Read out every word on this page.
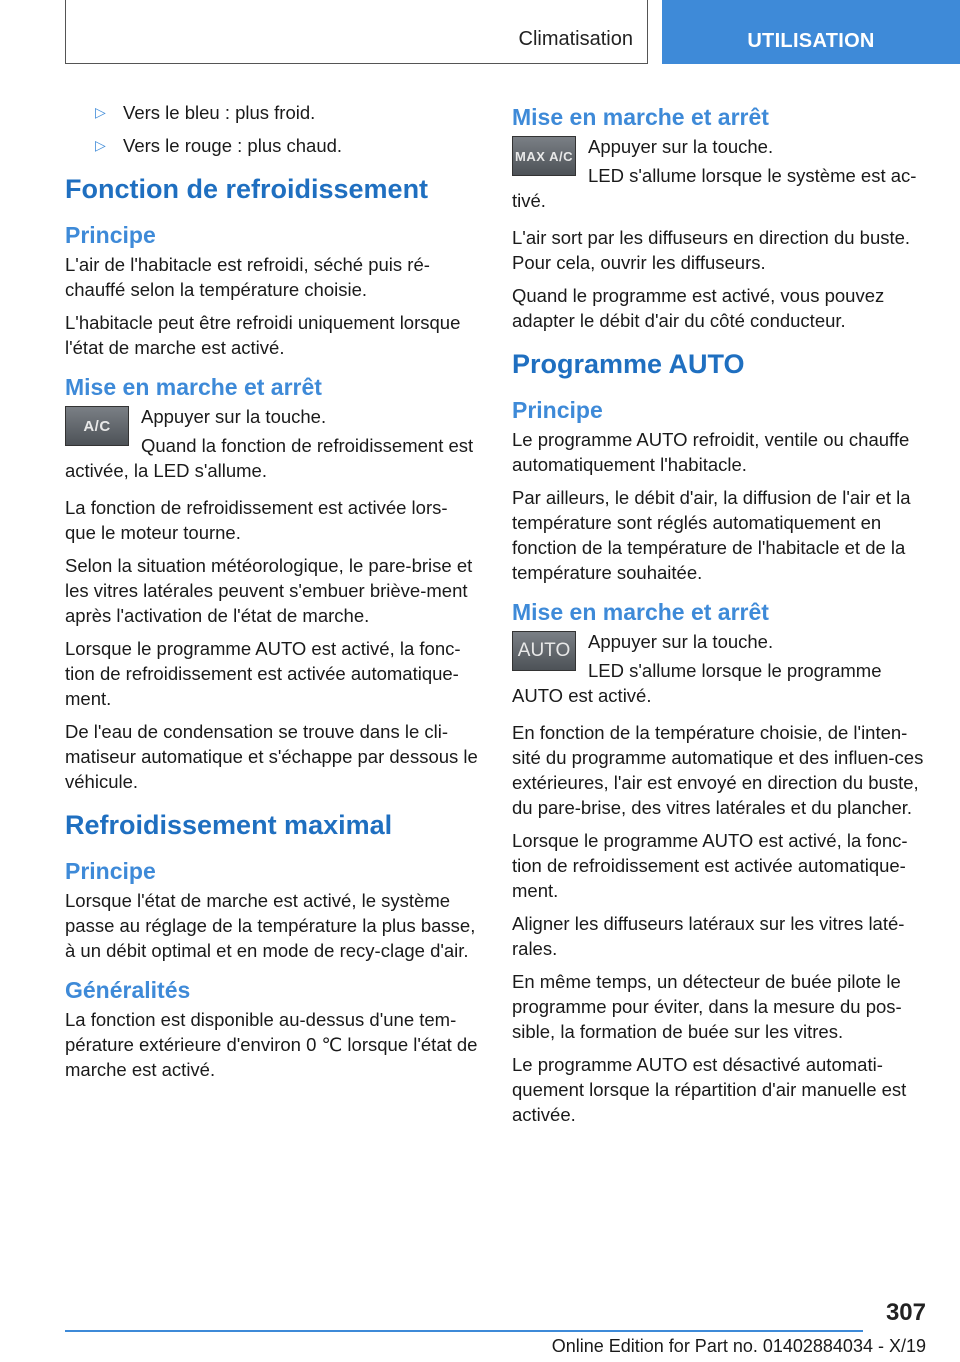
Climatisation	UTILISATION
▷ Vers le bleu : plus froid.
▷ Vers le rouge : plus chaud.
Fonction de refroidissement
Principe

L'air de l'habitacle est refroidi, séché puis ré-chauffé selon la température choisie.

L'habitacle peut être refroidi uniquement lorsque l'état de marche est activé.

Mise en marche et arrêt
A/C	Appuyer sur la touche.

Quand la fonction de refroidissement est activée, la LED s'allume.

La fonction de refroidissement est activée lors-que le moteur tourne.

Selon la situation météorologique, le pare-brise et les vitres latérales peuvent s'embuer briève-ment après l'activation de l'état de marche.

Lorsque le programme AUTO est activé, la fonc-tion de refroidissement est activée automatique-ment.

De l'eau de condensation se trouve dans le cli-matiseur automatique et s'échappe par dessous le véhicule.

Refroidissement maximal
Principe

Lorsque l'état de marche est activé, le système passe au réglage de la température la plus basse, à un débit optimal et en mode de recy-clage d'air.

Généralités

La fonction est disponible au-dessus d'une tem-pérature extérieure d'environ 0 ℃ lorsque l'état de marche est activé.

Mise en marche et arrêt
MAX A/C Appuyer sur la touche.

LED s'allume lorsque le système est ac-tivé.

L'air sort par les diffuseurs en direction du buste. Pour cela, ouvrir les diffuseurs.

Quand le programme est activé, vous pouvez adapter le débit d'air du côté conducteur.

Programme AUTO
Principe

Le programme AUTO refroidit, ventile ou chauffe automatiquement l'habitacle.

Par ailleurs, le débit d'air, la diffusion de l'air et la température sont réglés automatiquement en fonction de la température de l'habitacle et de la température souhaitée.

Mise en marche et arrêt
AUTO Appuyer sur la touche.

LED s'allume lorsque le programme AUTO est activé.

En fonction de la température choisie, de l'inten-sité du programme automatique et des influen-ces extérieures, l'air est envoyé en direction du buste, du pare-brise, des vitres latérales et du plancher.

Lorsque le programme AUTO est activé, la fonc-tion de refroidissement est activée automatique-ment.

Aligner les diffuseurs latéraux sur les vitres laté-rales.

En même temps, un détecteur de buée pilote le programme pour éviter, dans la mesure du pos-sible, la formation de buée sur les vitres.

Le programme AUTO est désactivé automati-quement lorsque la répartition d'air manuelle est activée.

307
Online Edition for Part no. 01402884034 - X/19
